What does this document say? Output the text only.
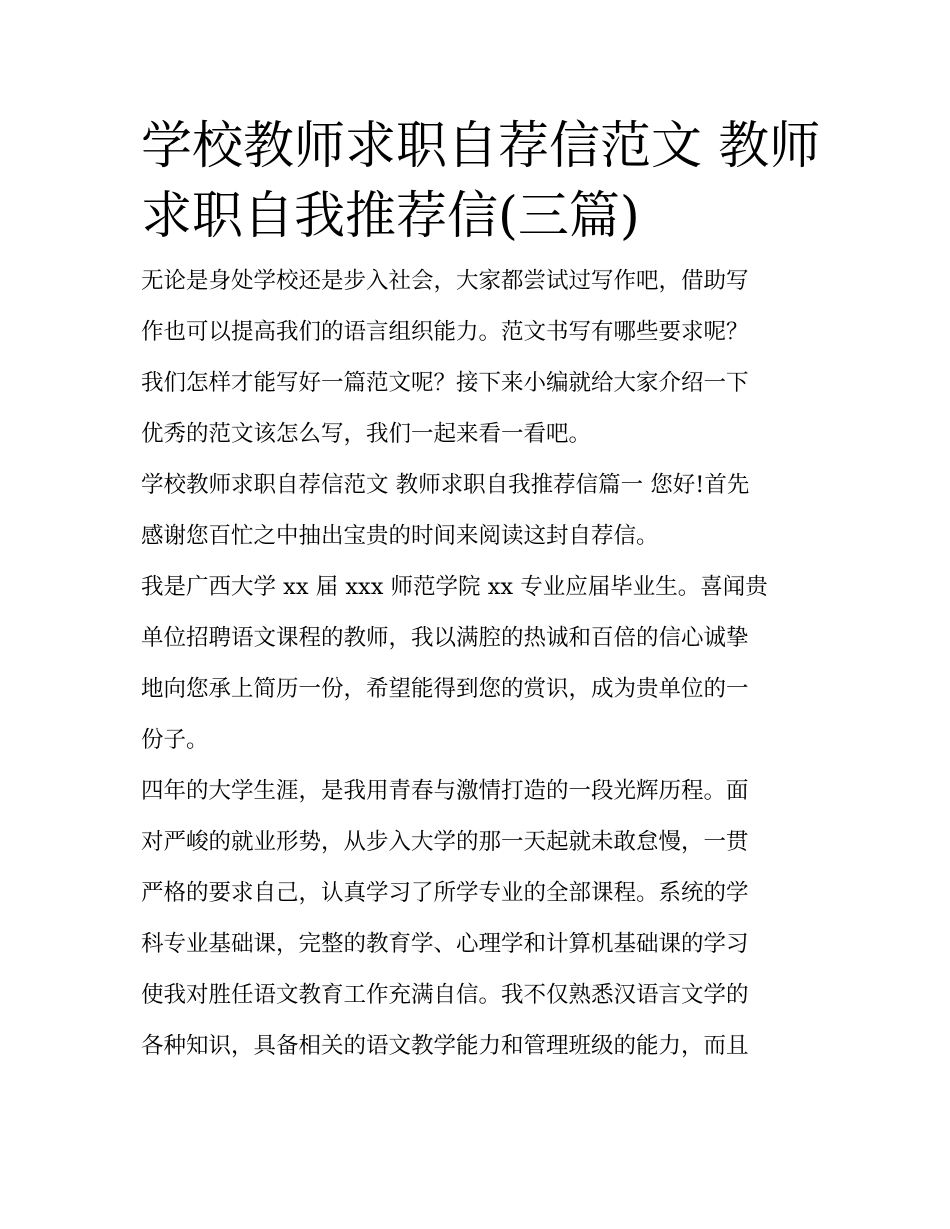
学校教师求职自荐信范文 教师
求职自我推荐信(三篇)
无论是身处学校还是步入社会，大家都尝试过写作吧，借助写
作也可以提高我们的语言组织能力。范文书写有哪些要求呢？
我们怎样才能写好一篇范文呢？接下来小编就给大家介绍一下
优秀的范文该怎么写，我们一起来看一看吧。
学校教师求职自荐信范文 教师求职自我推荐信篇一 您好!首先
感谢您百忙之中抽出宝贵的时间来阅读这封自荐信。
我是广西大学 xx 届 xxx 师范学院 xx 专业应届毕业生。喜闻贵
单位招聘语文课程的教师，我以满腔的热诚和百倍的信心诚挚
地向您承上简历一份，希望能得到您的赏识，成为贵单位的一
份子。
四年的大学生涯，是我用青春与激情打造的一段光辉历程。面
对严峻的就业形势，从步入大学的那一天起就未敢怠慢，一贯
严格的要求自己，认真学习了所学专业的全部课程。系统的学
科专业基础课，完整的教育学、心理学和计算机基础课的学习
使我对胜任语文教育工作充满自信。我不仅熟悉汉语言文学的
各种知识，具备相关的语文教学能力和管理班级的能力，而且
